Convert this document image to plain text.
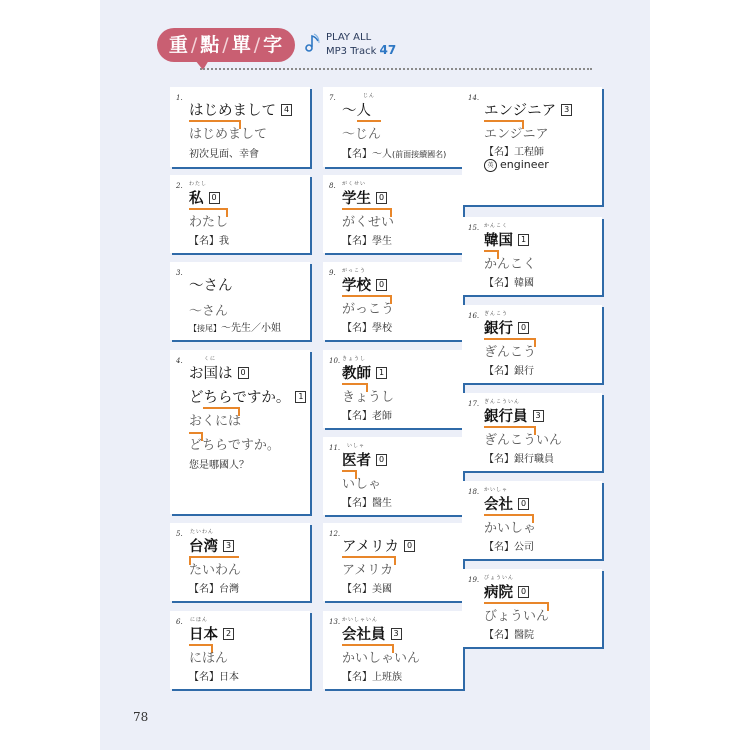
重 / 點 / 單 / 字	PLAY ALL
MP3 Track 47
1.
はじめまして 4
はじめまして
初次見面、幸會
2. わたし
私 0
わたし
【名】我
3.
～さん
～さん
【接尾】～先生／小姐
4.	くに
お国は 0
どちらですか。 1
おくには
どちらですか。
您是哪國人？
5. たいわん
台湾 3
たいわん
【名】台灣
6. にほん
日本 2
にほん
【名】日本
7.	じん
～人
～じん
【名】～人(前面接續國名)
8. がくせい
学生 0
がくせい
【名】學生
9. がっこう
学校 0
がっこう
【名】學校
10. きょうし
教師 1
きょうし
【名】老師
11. いしゃ
医者 0
いしゃ
【名】醫生
12.
アメリカ 0
アメリカ
【名】美國
13. かいしゃいん
会社員 3
かいしゃいん
【名】上班族
14.
エンジニア 3
エンジニア
【名】工程師
英 engineer
15. かんこく
韓国 1
かんこく
【名】韓國
16. ぎんこう
銀行 0
ぎんこう
【名】銀行
17. ぎんこういん
銀行員 3
ぎんこういん
【名】銀行職員
18. かいしゃ
会社 0
かいしゃ
【名】公司
19. びょういん
病院 0
びょういん
【名】醫院
78
